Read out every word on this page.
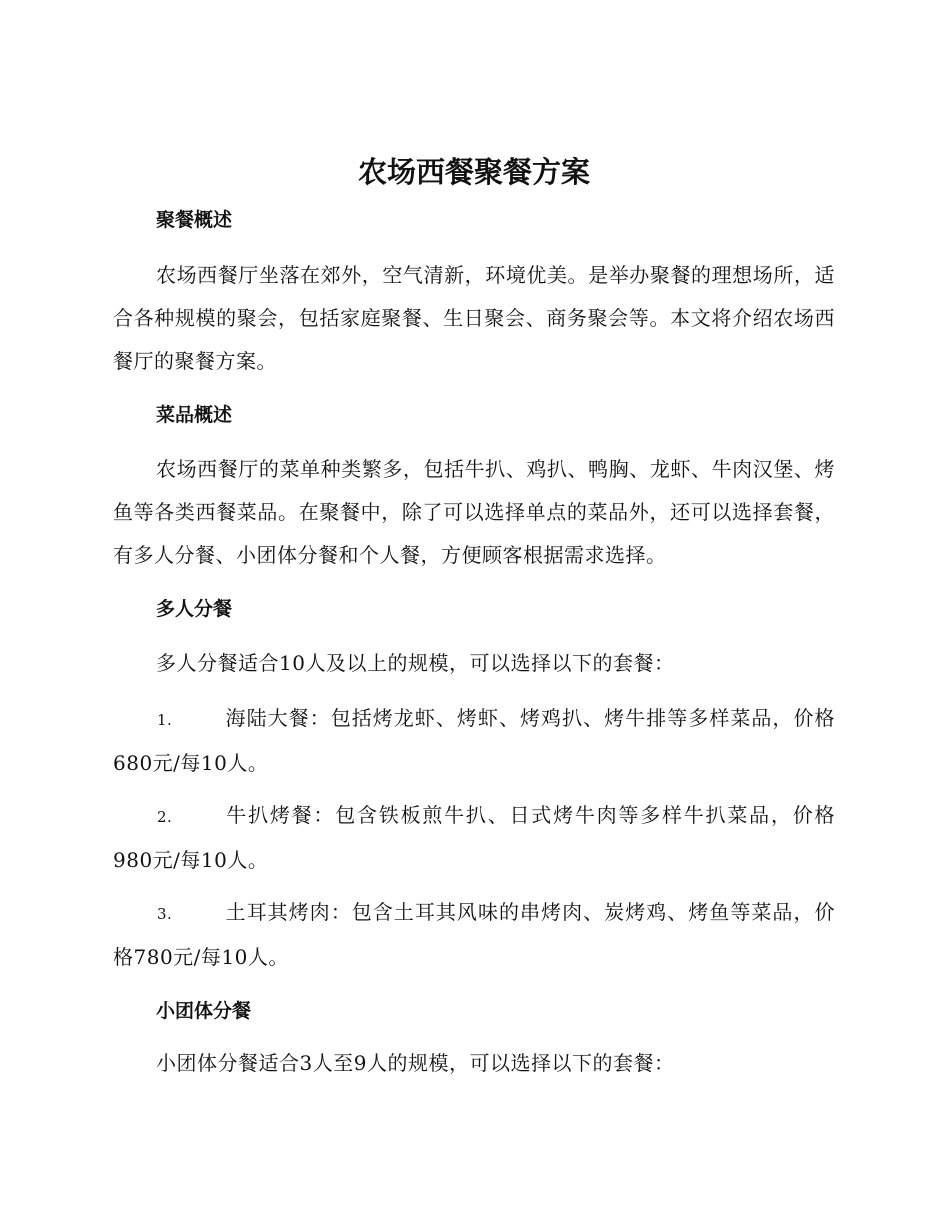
农场西餐聚餐方案
聚餐概述

农场西餐厅坐落在郊外，空气清新，环境优美。是举办聚餐的理想场所，适合各种规模的聚会，包括家庭聚餐、生日聚会、商务聚会等。本文将介绍农场西餐厅的聚餐方案。

菜品概述

农场西餐厅的菜单种类繁多，包括牛扒、鸡扒、鸭胸、龙虾、牛肉汉堡、烤鱼等各类西餐菜品。在聚餐中，除了可以选择单点的菜品外，还可以选择套餐，有多人分餐、小团体分餐和个人餐，方便顾客根据需求选择。

多人分餐

多人分餐适合10人及以上的规模，可以选择以下的套餐：

1.	海陆大餐：包括烤龙虾、烤虾、烤鸡扒、烤牛排等多样菜品，价格680元/每10人。

2.	牛扒烤餐：包含铁板煎牛扒、日式烤牛肉等多样牛扒菜品，价格980元/每10人。

3.	土耳其烤肉：包含土耳其风味的串烤肉、炭烤鸡、烤鱼等菜品，价格780元/每10人。

小团体分餐

小团体分餐适合3人至9人的规模，可以选择以下的套餐：
